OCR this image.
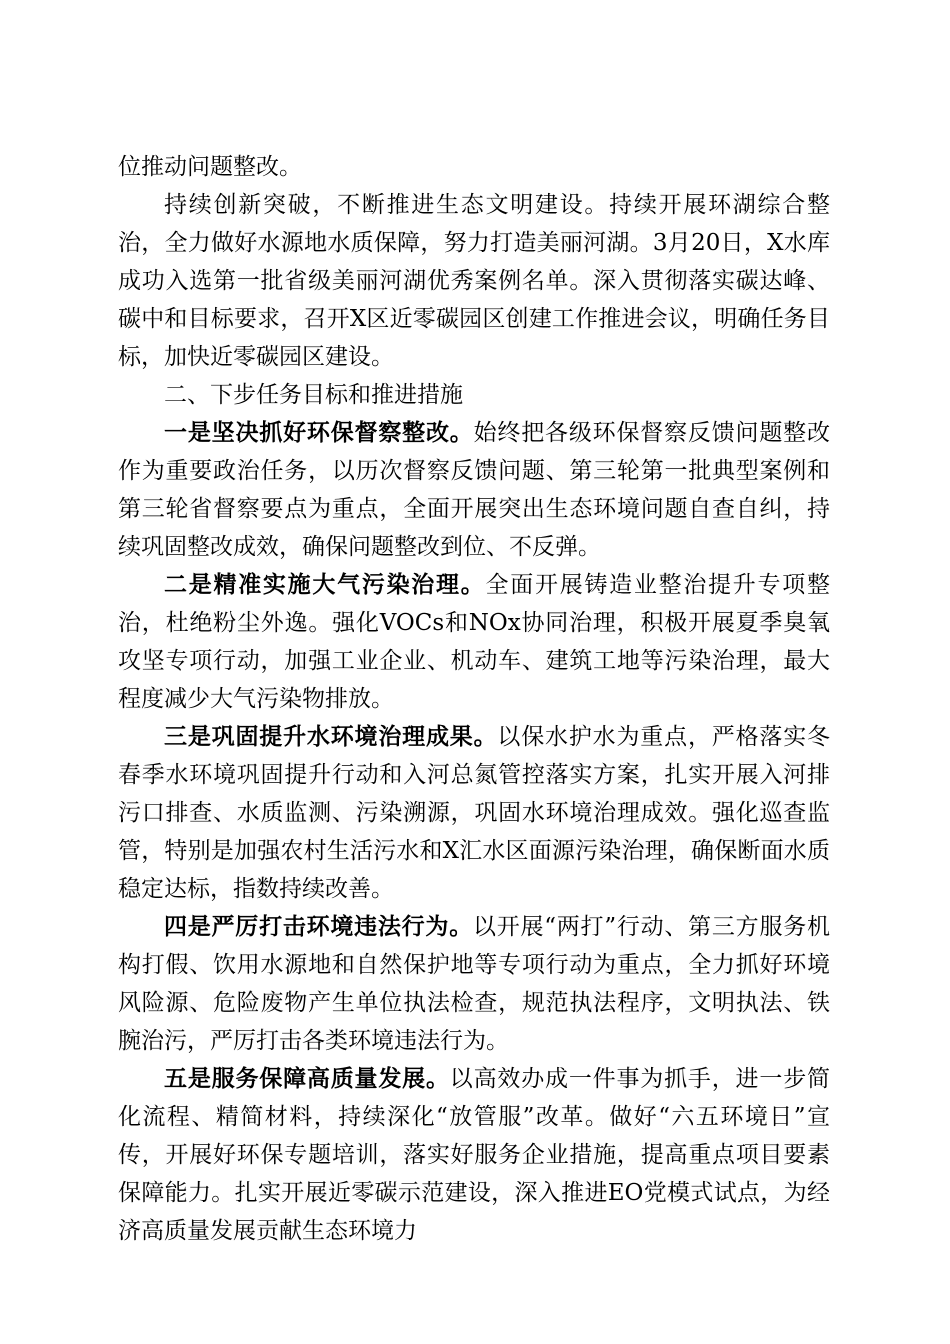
位推动问题整改。

持续创新突破，不断推进生态文明建设。持续开展环湖综合整治，全力做好水源地水质保障，努力打造美丽河湖。3月20日，X水库成功入选第一批省级美丽河湖优秀案例名单。深入贯彻落实碳达峰、碳中和目标要求，召开X区近零碳园区创建工作推进会议，明确任务目标，加快近零碳园区建设。

二、下步任务目标和推进措施

一是坚决抓好环保督察整改。始终把各级环保督察反馈问题整改作为重要政治任务，以历次督察反馈问题、第三轮第一批典型案例和第三轮省督察要点为重点，全面开展突出生态环境问题自查自纠，持续巩固整改成效，确保问题整改到位、不反弹。

二是精准实施大气污染治理。全面开展铸造业整治提升专项整治，杜绝粉尘外逸。强化VOCs和NOx协同治理，积极开展夏季臭氧攻坚专项行动，加强工业企业、机动车、建筑工地等污染治理，最大程度减少大气污染物排放。

三是巩固提升水环境治理成果。以保水护水为重点，严格落实冬春季水环境巩固提升行动和入河总氮管控落实方案，扎实开展入河排污口排查、水质监测、污染溯源，巩固水环境治理成效。强化巡查监管，特别是加强农村生活污水和X汇水区面源污染治理，确保断面水质稳定达标，指数持续改善。

四是严厉打击环境违法行为。以开展“两打”行动、第三方服务机构打假、饮用水源地和自然保护地等专项行动为重点，全力抓好环境风险源、危险废物产生单位执法检查，规范执法程序，文明执法、铁腕治污，严厉打击各类环境违法行为。

五是服务保障高质量发展。以高效办成一件事为抓手，进一步简化流程、精简材料，持续深化“放管服”改革。做好“六五环境日”宣传，开展好环保专题培训，落实好服务企业措施，提高重点项目要素保障能力。扎实开展近零碳示范建设，深入推进EO党模式试点，为经济高质量发展贡献生态环境力
